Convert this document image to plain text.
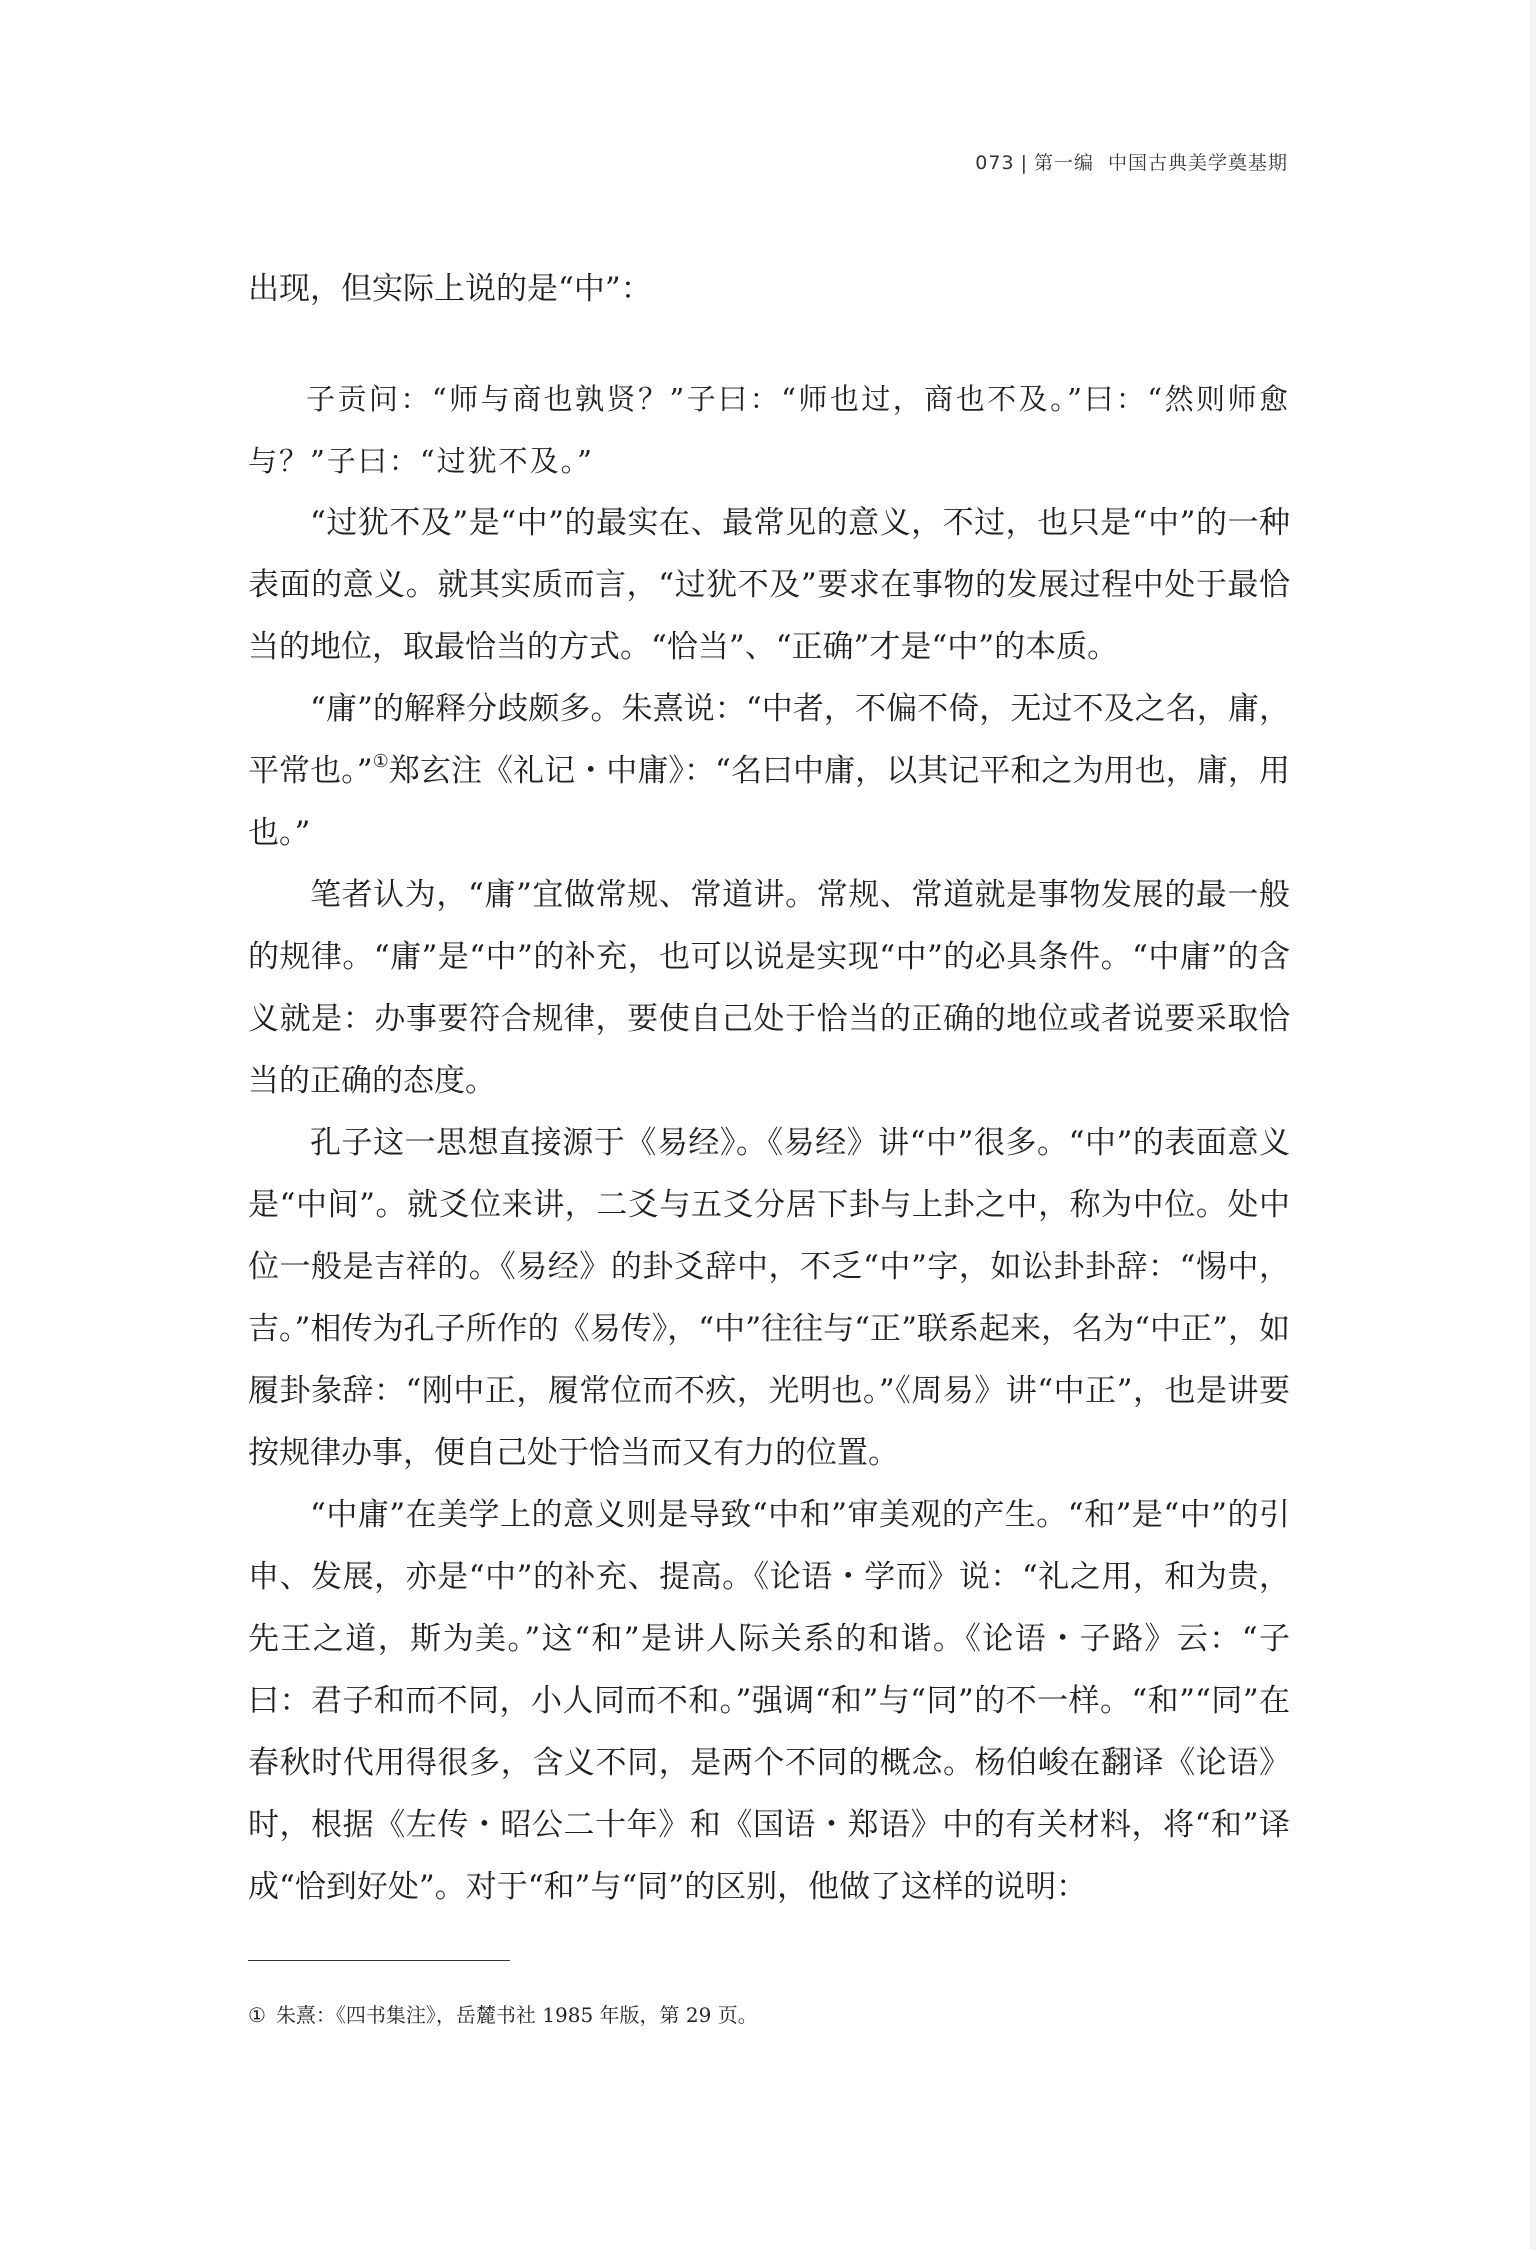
073 | 第一编 中国古典美学奠基期

出现，但实际上说的是“中”：

子贡问：“师与商也孰贤？”子曰：“师也过，商也不及。”曰：“然则师愈与？”子曰：“过犹不及。”

“过犹不及”是“中”的最实在、最常见的意义，不过，也只是“中”的一种表面的意义。就其实质而言，“过犹不及”要求在事物的发展过程中处于最恰当的地位，取最恰当的方式。“恰当”、“正确”才是“中”的本质。

“庸”的解释分歧颇多。朱熹说：“中者，不偏不倚，无过不及之名，庸，平常也。”①郑玄注《礼记・中庸》：“名曰中庸，以其记平和之为用也，庸，用也。”

笔者认为，“庸”宜做常规、常道讲。常规、常道就是事物发展的最一般的规律。“庸”是“中”的补充，也可以说是实现“中”的必具条件。“中庸”的含义就是：办事要符合规律，要使自己处于恰当的正确的地位或者说要采取恰当的正确的态度。

孔子这一思想直接源于《易经》。《易经》讲“中”很多。“中”的表面意义是“中间”。就爻位来讲，二爻与五爻分居下卦与上卦之中，称为中位。处中位一般是吉祥的。《易经》的卦爻辞中，不乏“中”字，如讼卦卦辞：“惕中，吉。”相传为孔子所作的《易传》，“中”往往与“正”联系起来，名为“中正”，如履卦彖辞：“刚中正，履常位而不疚，光明也。”《周易》讲“中正”，也是讲要按规律办事，便自己处于恰当而又有力的位置。

“中庸”在美学上的意义则是导致“中和”审美观的产生。“和”是“中”的引申、发展，亦是“中”的补充、提高。《论语・学而》说：“礼之用，和为贵，先王之道，斯为美。”这“和”是讲人际关系的和谐。《论语・子路》云：“子曰：君子和而不同，小人同而不和。”强调“和”与“同”的不一样。“和”“同”在春秋时代用得很多，含义不同，是两个不同的概念。杨伯峻在翻译《论语》时，根据《左传・昭公二十年》和《国语・郑语》中的有关材料，将“和”译成“恰到好处”。对于“和”与“同”的区别，他做了这样的说明：

① 朱熹：《四书集注》，岳麓书社 1985 年版，第 29 页。
